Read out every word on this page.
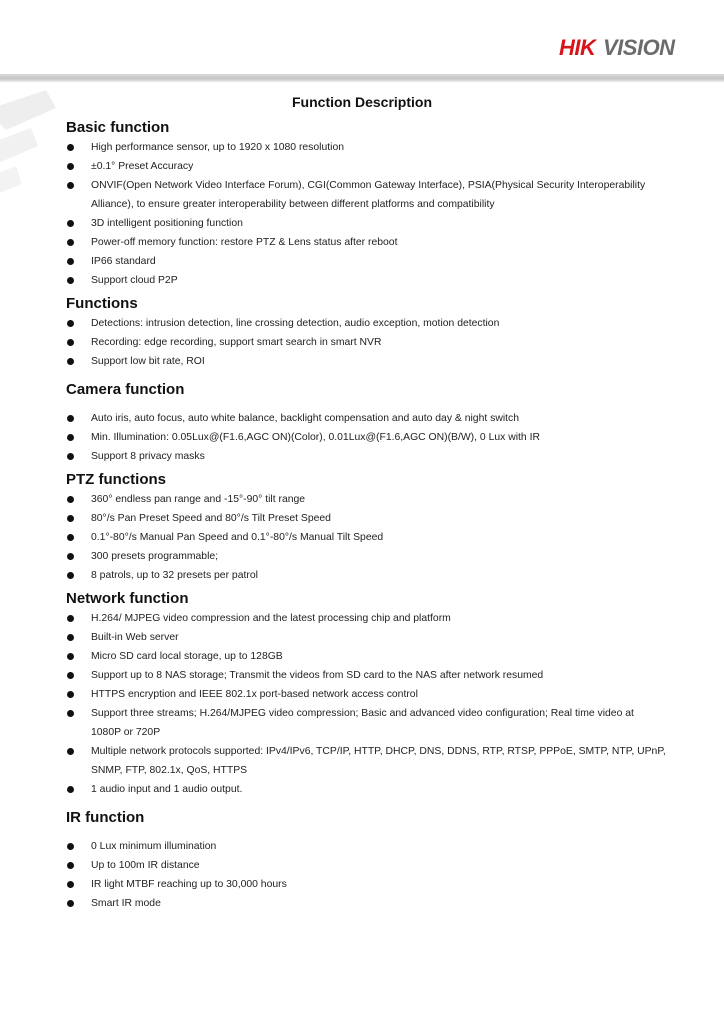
HIK VISION
Function Description
Basic function
High performance sensor, up to 1920 x 1080 resolution
±0.1° Preset Accuracy
ONVIF(Open Network Video Interface Forum), CGI(Common Gateway Interface), PSIA(Physical Security Interoperability Alliance), to ensure greater interoperability between different platforms and compatibility
3D intelligent positioning function
Power-off memory function: restore PTZ & Lens status after reboot
IP66 standard
Support cloud P2P
Functions
Detections: intrusion detection, line crossing detection, audio exception, motion detection
Recording: edge recording, support smart search in smart NVR
Support low bit rate, ROI
Camera function
Auto iris, auto focus, auto white balance, backlight compensation and auto day & night switch
Min. Illumination: 0.05Lux@(F1.6,AGC ON)(Color), 0.01Lux@(F1.6,AGC ON)(B/W), 0 Lux with IR
Support 8 privacy masks
PTZ functions
360° endless pan range and -15°-90° tilt range
80°/s Pan Preset Speed and 80°/s Tilt Preset Speed
0.1°-80°/s Manual Pan Speed and 0.1°-80°/s Manual Tilt Speed
300 presets programmable;
8 patrols, up to 32 presets per patrol
Network function
H.264/ MJPEG video compression and the latest processing chip and platform
Built-in Web server
Micro SD card local storage, up to 128GB
Support up to 8 NAS storage; Transmit the videos from SD card to the NAS after network resumed
HTTPS encryption and IEEE 802.1x port-based network access control
Support three streams; H.264/MJPEG video compression; Basic and advanced video configuration; Real time video at 1080P or 720P
Multiple network protocols supported: IPv4/IPv6, TCP/IP, HTTP, DHCP, DNS, DDNS, RTP, RTSP, PPPoE, SMTP, NTP, UPnP, SNMP, FTP, 802.1x, QoS, HTTPS
1 audio input and 1 audio output.
IR function
0 Lux minimum illumination
Up to 100m IR distance
IR light MTBF reaching up to 30,000 hours
Smart IR mode
